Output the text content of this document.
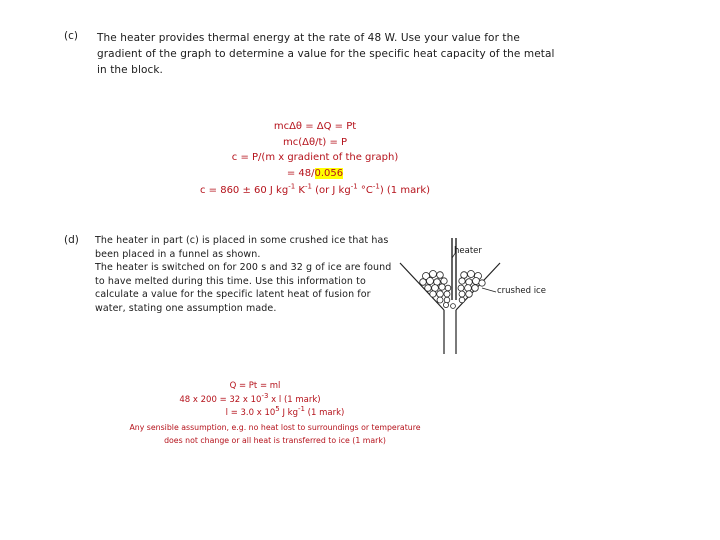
(c) The heater provides thermal energy at the rate of 48 W. Use your value for the
gradient of the graph to determine a value for the specific heat capacity of the metal
in the block.
mcΔθ = ΔQ = Pt
mc(Δθ/t) = P
c = P/(m x gradient of the graph)
= 48/0.056
c = 860 ± 60 J $kg^{-1}$ $K^{-1}$ (or J $kg^{-1}$ $^\circ C^{-1}$) (1 mark)
(d) The heater in part (c) is placed in some crushed ice that has
been placed in a funnel as shown.
The heater is switched on for 200 s and 32 g of ice are found
to have melted during this time. Use this information to
calculate a value for the specific latent heat of fusion for
water, stating one assumption made.
heater
crushed ice
Q = Pt = ml
48 x 200 = 32 x $10^{-3}$ x l (1 mark)
l = 3.0 x $10^5$ J $kg^{-1}$ (1 mark)
Any sensible assumption, e.g. no heat lost to surroundings or temperature
does not change or all heat is transferred to ice (1 mark)
